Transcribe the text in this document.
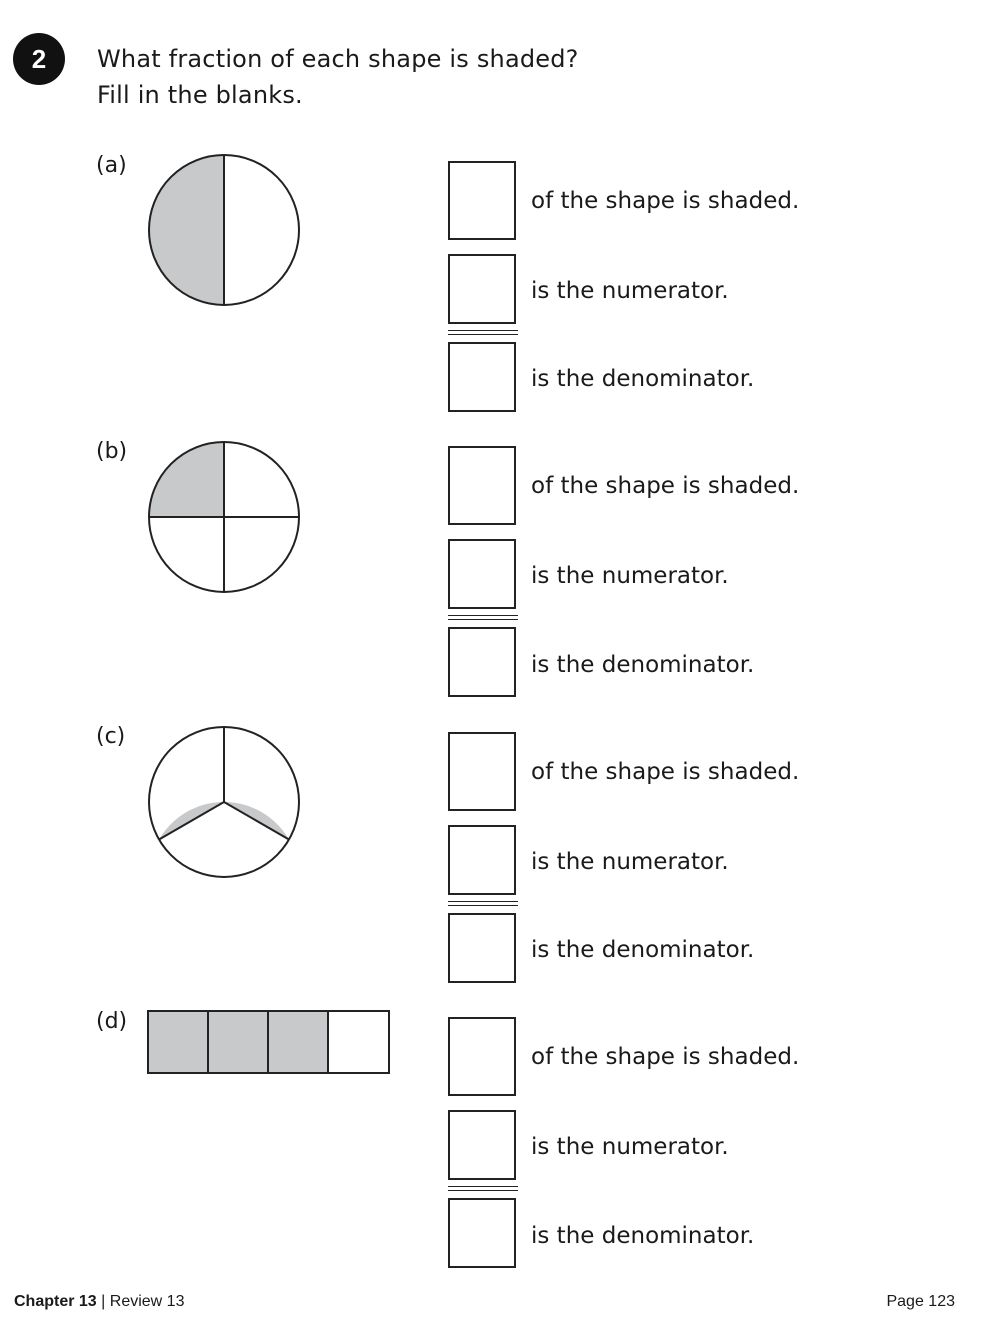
2	What fraction of each shape is shaded?
Fill in the blanks.
(a)
of the shape is shaded.
is the numerator.
is the denominator.
(b)
of the shape is shaded.
is the numerator.
is the denominator.
(c)
of the shape is shaded.
is the numerator.
is the denominator.
(d)
of the shape is shaded.
is the numerator.
is the denominator.
Chapter 13 | Review 13	Page 123
